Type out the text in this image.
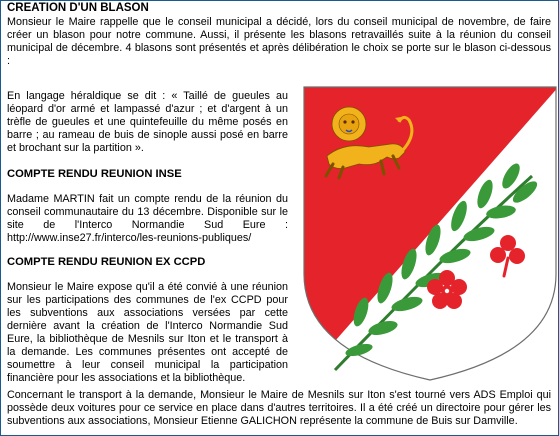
CREATION D'UN BLASON

Monsieur le Maire rappelle que le conseil municipal a décidé, lors du conseil municipal de novembre, de faire créer un blason pour notre commune. Aussi, il présente les blasons retravaillés suite à la réunion du conseil municipal de décembre. 4 blasons sont présentés et après délibération le choix se porte sur le blason ci-dessous :

En langage héraldique se dit : « Taillé de gueules au léopard d'or armé et lampassé d'azur ; et d'argent à un trèfle de gueules et une quintefeuille du même posés en barre ; au rameau de buis de sinople aussi posé en barre et brochant sur la partition ».

COMPTE RENDU REUNION INSE

Madame MARTIN fait un compte rendu de la réunion du conseil communautaire du 13 décembre. Disponible sur le site de l'Interco Normandie Sud Eure : http://www.inse27.fr/interco/les-reunions-publiques/

COMPTE RENDU REUNION EX CCPD

Monsieur le Maire expose qu'il a été convié à une réunion sur les participations des communes de l'ex CCPD pour les subventions aux associations versées par cette dernière avant la création de l'Interco Normandie Sud Eure, la bibliothèque de Mesnils sur Iton et le transport à la demande. Les communes présentes ont accepté de soumettre à leur conseil municipal la participation financière pour les associations et la bibliothèque.

Concernant le transport à la demande, Monsieur le Maire de Mesnils sur Iton s'est tourné vers ADS Emploi qui possède deux voitures pour ce service en place dans d'autres territoires. Il a été créé un directoire pour gérer les subventions aux associations, Monsieur Etienne GALICHON représente la commune de Buis sur Damville.
